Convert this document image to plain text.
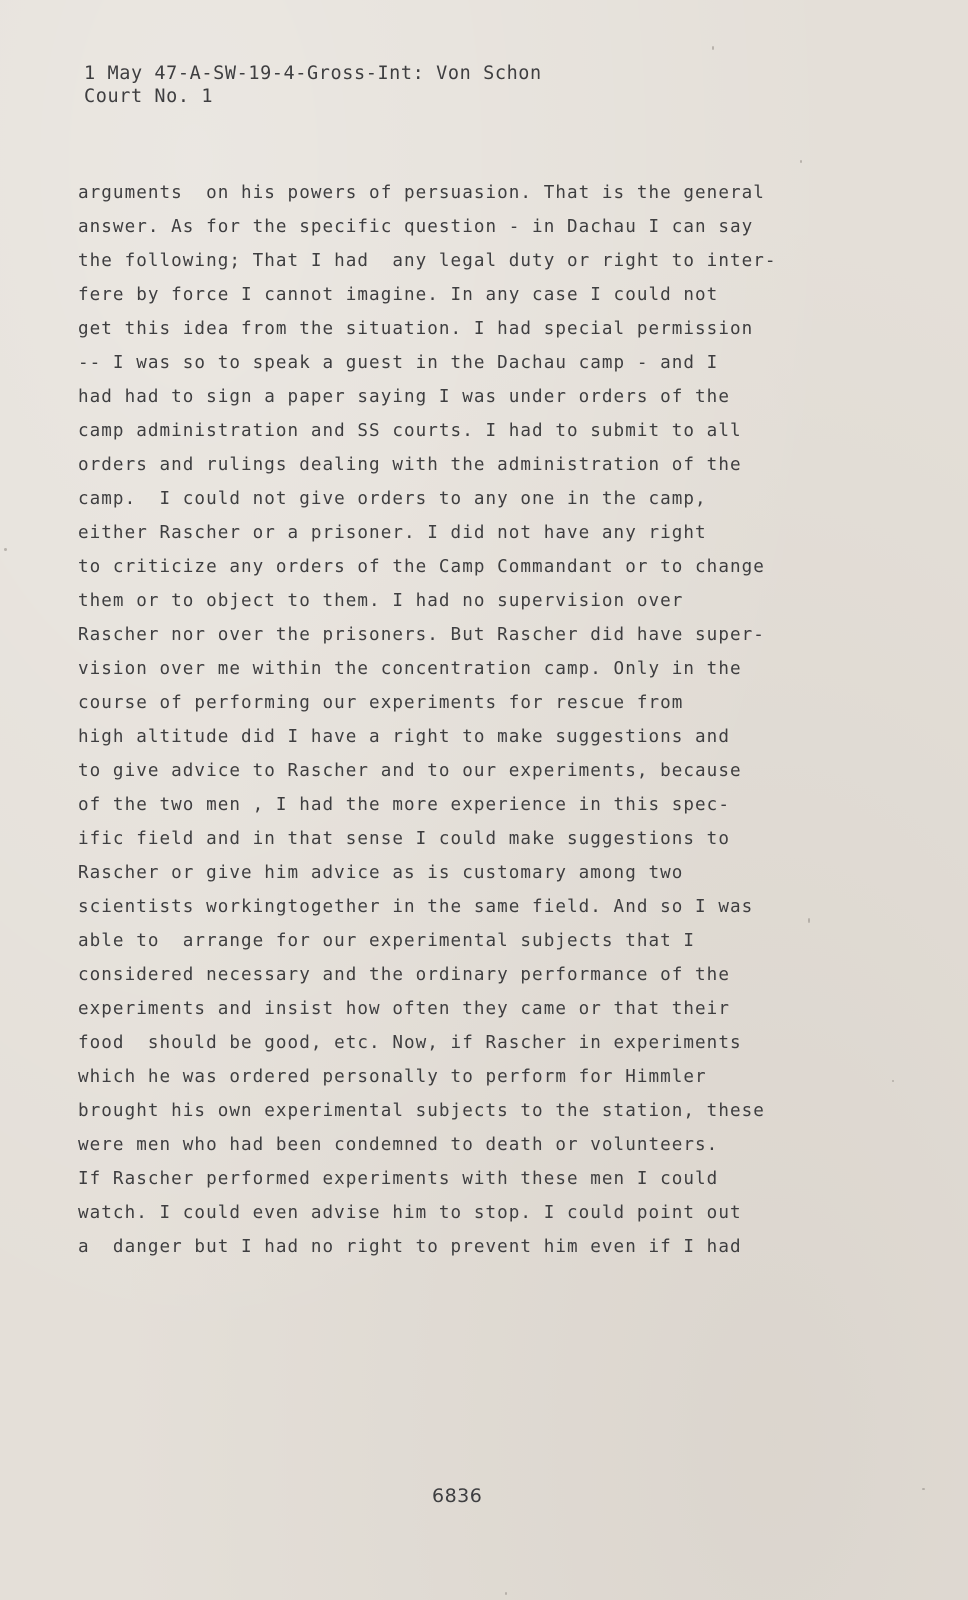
1 May 47-A-SW-19-4-Gross-Int: Von Schon
Court No. 1
arguments  on his powers of persuasion. That is the general
answer. As for the specific question - in Dachau I can say
the following; That I had  any legal duty or right to inter-
fere by force I cannot imagine. In any case I could not
get this idea from the situation. I had special permission
-- I was so to speak a guest in the Dachau camp - and I
had had to sign a paper saying I was under orders of the
camp administration and SS courts. I had to submit to all
orders and rulings dealing with the administration of the
camp.  I could not give orders to any one in the camp,
either Rascher or a prisoner. I did not have any right
to criticize any orders of the Camp Commandant or to change
them or to object to them. I had no supervision over
Rascher nor over the prisoners. But Rascher did have super-
vision over me within the concentration camp. Only in the
course of performing our experiments for rescue from
high altitude did I have a right to make suggestions and
to give advice to Rascher and to our experiments, because
of the two men , I had the more experience in this spec-
ific field and in that sense I could make suggestions to
Rascher or give him advice as is customary among two
scientists workingtogether in the same field. And so I was
able to  arrange for our experimental subjects that I
considered necessary and the ordinary performance of the
experiments and insist how often they came or that their
food  should be good, etc. Now, if Rascher in experiments
which he was ordered personally to perform for Himmler
brought his own experimental subjects to the station, these
were men who had been condemned to death or volunteers.
If Rascher performed experiments with these men I could
watch. I could even advise him to stop. I could point out
a  danger but I had no right to prevent him even if I had
6836
